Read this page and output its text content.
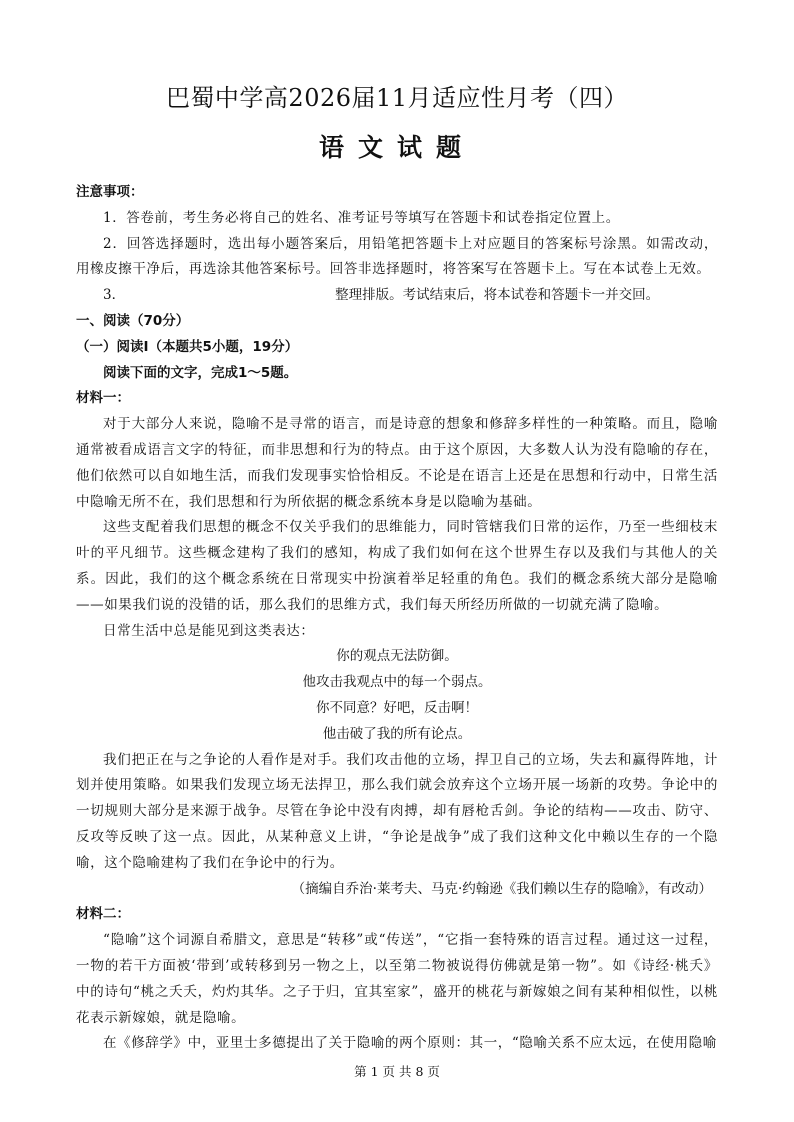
巴蜀中学高2026届11月适应性月考（四）
语文试题

注意事项：

1．答卷前，考生务必将自己的姓名、准考证号等填写在答题卡和试卷指定位置上。

2．回答选择题时，选出每小题答案后，用铅笔把答题卡上对应题目的答案标号涂黑。如需改动，用橡皮擦干净后，再选涂其他答案标号。回答非选择题时，将答案写在答题卡上。写在本试卷上无效。

3．	整理排版。考试结束后，将本试卷和答题卡一并交回。

一、阅读（70分）

（一）阅读Ⅰ（本题共5小题，19分）

阅读下面的文字，完成1～5题。

材料一：

对于大部分人来说，隐喻不是寻常的语言，而是诗意的想象和修辞多样性的一种策略。而且，隐喻通常被看成语言文字的特征，而非思想和行为的特点。由于这个原因，大多数人认为没有隐喻的存在，他们依然可以自如地生活，而我们发现事实恰恰相反。不论是在语言上还是在思想和行动中，日常生活中隐喻无所不在，我们思想和行为所依据的概念系统本身是以隐喻为基础。

这些支配着我们思想的概念不仅关乎我们的思维能力，同时管辖我们日常的运作，乃至一些细枝末叶的平凡细节。这些概念建构了我们的感知，构成了我们如何在这个世界生存以及我们与其他人的关系。因此，我们的这个概念系统在日常现实中扮演着举足轻重的角色。我们的概念系统大部分是隐喻——如果我们说的没错的话，那么我们的思维方式，我们每天所经历所做的一切就充满了隐喻。

日常生活中总是能见到这类表达：

你的观点无法防御。

他攻击我观点中的每一个弱点。

你不同意？好吧，反击啊！

他击破了我的所有论点。

我们把正在与之争论的人看作是对手。我们攻击他的立场，捍卫自己的立场，失去和赢得阵地，计划并使用策略。如果我们发现立场无法捍卫，那么我们就会放弃这个立场开展一场新的攻势。争论中的一切规则大部分是来源于战争。尽管在争论中没有肉搏，却有唇枪舌剑。争论的结构——攻击、防守、反攻等反映了这一点。因此，从某种意义上讲，“争论是战争”成了我们这种文化中赖以生存的一个隐喻，这个隐喻建构了我们在争论中的行为。

（摘编自乔治·莱考夫、马克·约翰逊《我们赖以生存的隐喻》，有改动）

材料二：

“隐喻”这个词源自希腊文，意思是“转移”或“传送”，“它指一套特殊的语言过程。通过这一过程，一物的若干方面被‘带到’或转移到另一物之上，以至第二物被说得仿佛就是第一物”。如《诗经·桃夭》中的诗句“桃之夭夭，灼灼其华。之子于归，宜其室家”，盛开的桃花与新嫁娘之间有某种相似性，以桃花表示新嫁娘，就是隐喻。

在《修辞学》中，亚里士多德提出了关于隐喻的两个原则：其一，“隐喻关系不应太远，在使用隐喻

第 1 页 共 8 页
